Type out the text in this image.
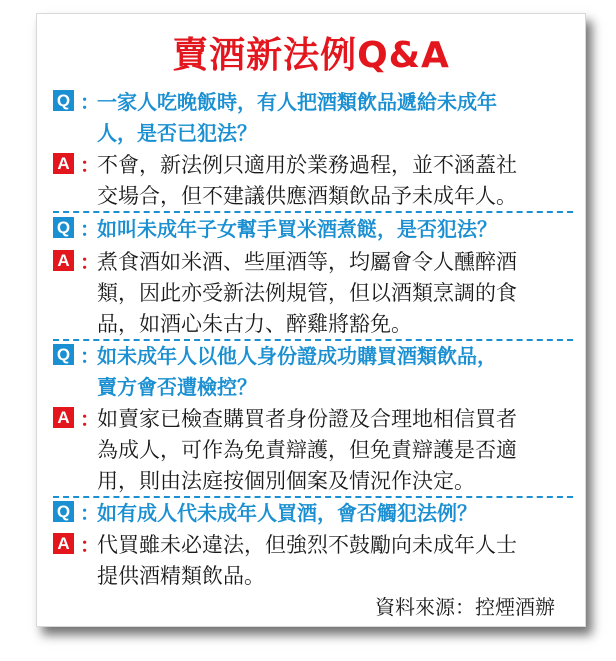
賣酒新法例Q&A
Q ：
一家人吃晚飯時，有人把酒類飲品遞給未成年
人，是否已犯法？
A ：
不會，新法例只適用於業務過程，並不涵蓋社
交場合，但不建議供應酒類飲品予未成年人。
Q ：
如叫未成年子女幫手買米酒煮餸，是否犯法？
A ：
煮食酒如米酒、些厘酒等，均屬會令人醺醉酒
類，因此亦受新法例規管，但以酒類烹調的食
品，如酒心朱古力、醉雞將豁免。
Q ：
如未成年人以他人身份證成功購買酒類飲品，
賣方會否遭檢控？
A ：
如賣家已檢查購買者身份證及合理地相信買者
為成人，可作為免責辯護，但免責辯護是否適
用，則由法庭按個別個案及情況作決定。
Q ：
如有成人代未成年人買酒，會否觸犯法例？
A ：
代買雖未必違法，但強烈不鼓勵向未成年人士
提供酒精類飲品。
資料來源：控煙酒辦
